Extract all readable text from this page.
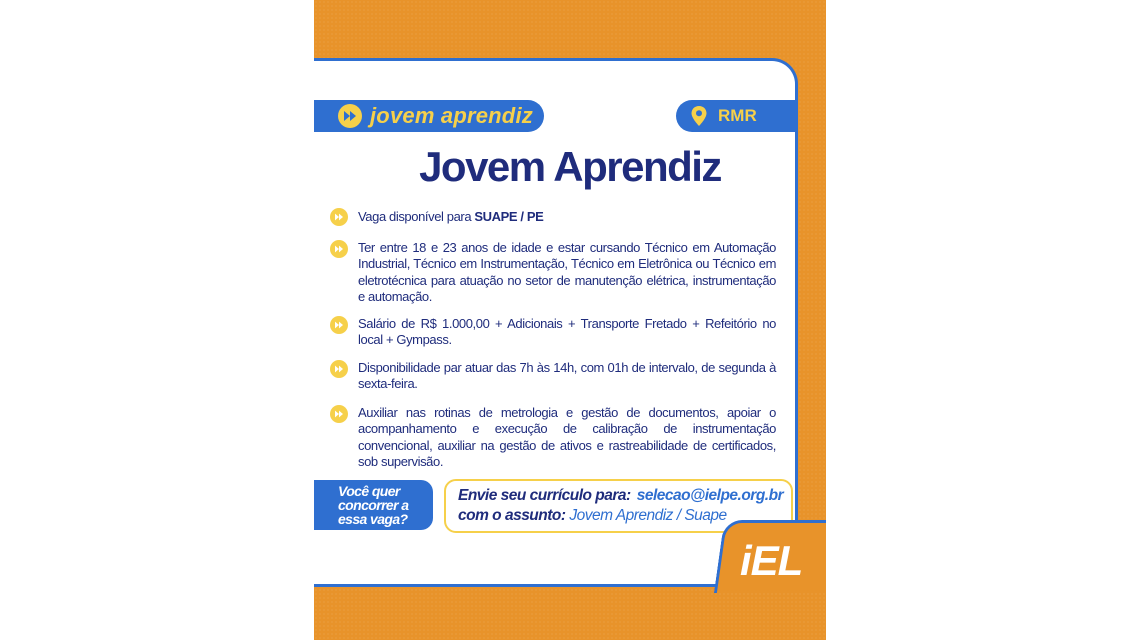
jovem aprendiz	RMR
Jovem Aprendiz
Vaga disponível para SUAPE / PE
Ter entre 18 e 23 anos de idade e estar cursando Técnico em Automação Industrial, Técnico em Instrumentação, Técnico em Eletrônica ou Técnico em eletrotécnica para atuação no setor de manutenção elétrica, instrumentação e automação.
Salário de R$ 1.000,00 + Adicionais + Transporte Fretado + Refeitório no local + Gympass.
Disponibilidade par atuar das 7h às 14h, com 01h de intervalo, de segunda à sexta-feira.
Auxiliar nas rotinas de metrologia e gestão de documentos, apoiar o acompanhamento e execução de calibração de instrumentação convencional, auxiliar na gestão de ativos e rastreabilidade de certificados, sob supervisão.
Você quer concorrer a essa vaga?
Envie seu currículo para: selecao@ielpe.org.br
com o assunto: Jovem Aprendiz / Suape
iEL
